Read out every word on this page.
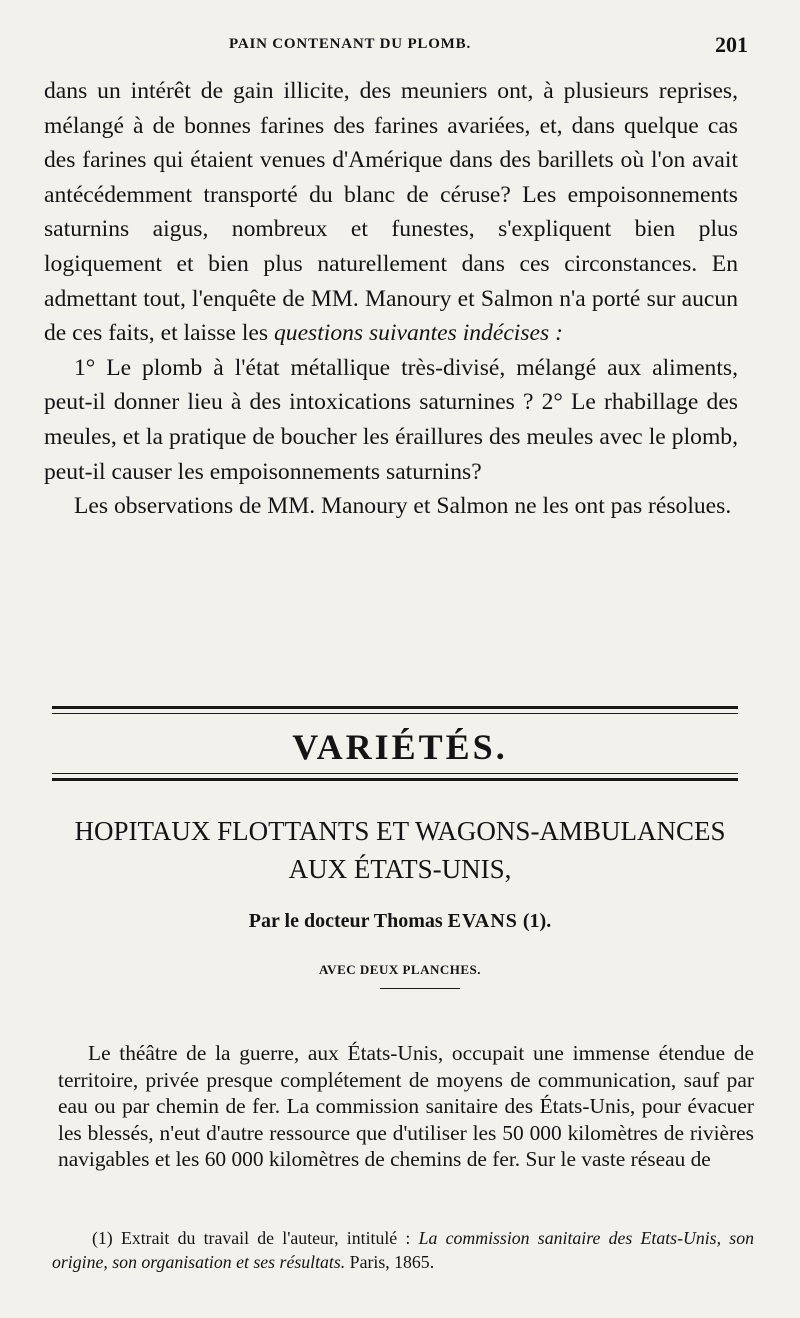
PAIN CONTENANT DU PLOMB.	201

dans un intérêt de gain illicite, des meuniers ont, à plusieurs reprises, mélangé à de bonnes farines des farines avariées, et, dans quelque cas des farines qui étaient venues d'Amérique dans des barillets où l'on avait antécédemment transporté du blanc de céruse? Les empoisonnements saturnins aigus, nombreux et funestes, s'expliquent bien plus logiquement et bien plus naturellement dans ces circonstances. En admettant tout, l'enquête de MM. Manoury et Salmon n'a porté sur aucun de ces faits, et laisse les questions suivantes indécises :

1° Le plomb à l'état métallique très-divisé, mélangé aux aliments, peut-il donner lieu à des intoxications saturnines ? 2° Le rhabillage des meules, et la pratique de boucher les éraillures des meules avec le plomb, peut-il causer les empoisonnements saturnins?

Les observations de MM. Manoury et Salmon ne les ont pas résolues.

VARIÉTÉS.
HOPITAUX FLOTTANTS ET WAGONS-AMBULANCES
AUX ÉTATS-UNIS,
Par le docteur Thomas EVANS (1).
AVEC DEUX PLANCHES.

Le théâtre de la guerre, aux États-Unis, occupait une immense étendue de territoire, privée presque complétement de moyens de communication, sauf par eau ou par chemin de fer. La commission sanitaire des États-Unis, pour évacuer les blessés, n'eut d'autre ressource que d'utiliser les 50 000 kilomètres de rivières navigables et les 60 000 kilomètres de chemins de fer. Sur le vaste réseau de

(1) Extrait du travail de l'auteur, intitulé : La commission sanitaire des Etats-Unis, son origine, son organisation et ses résultats. Paris, 1865.
